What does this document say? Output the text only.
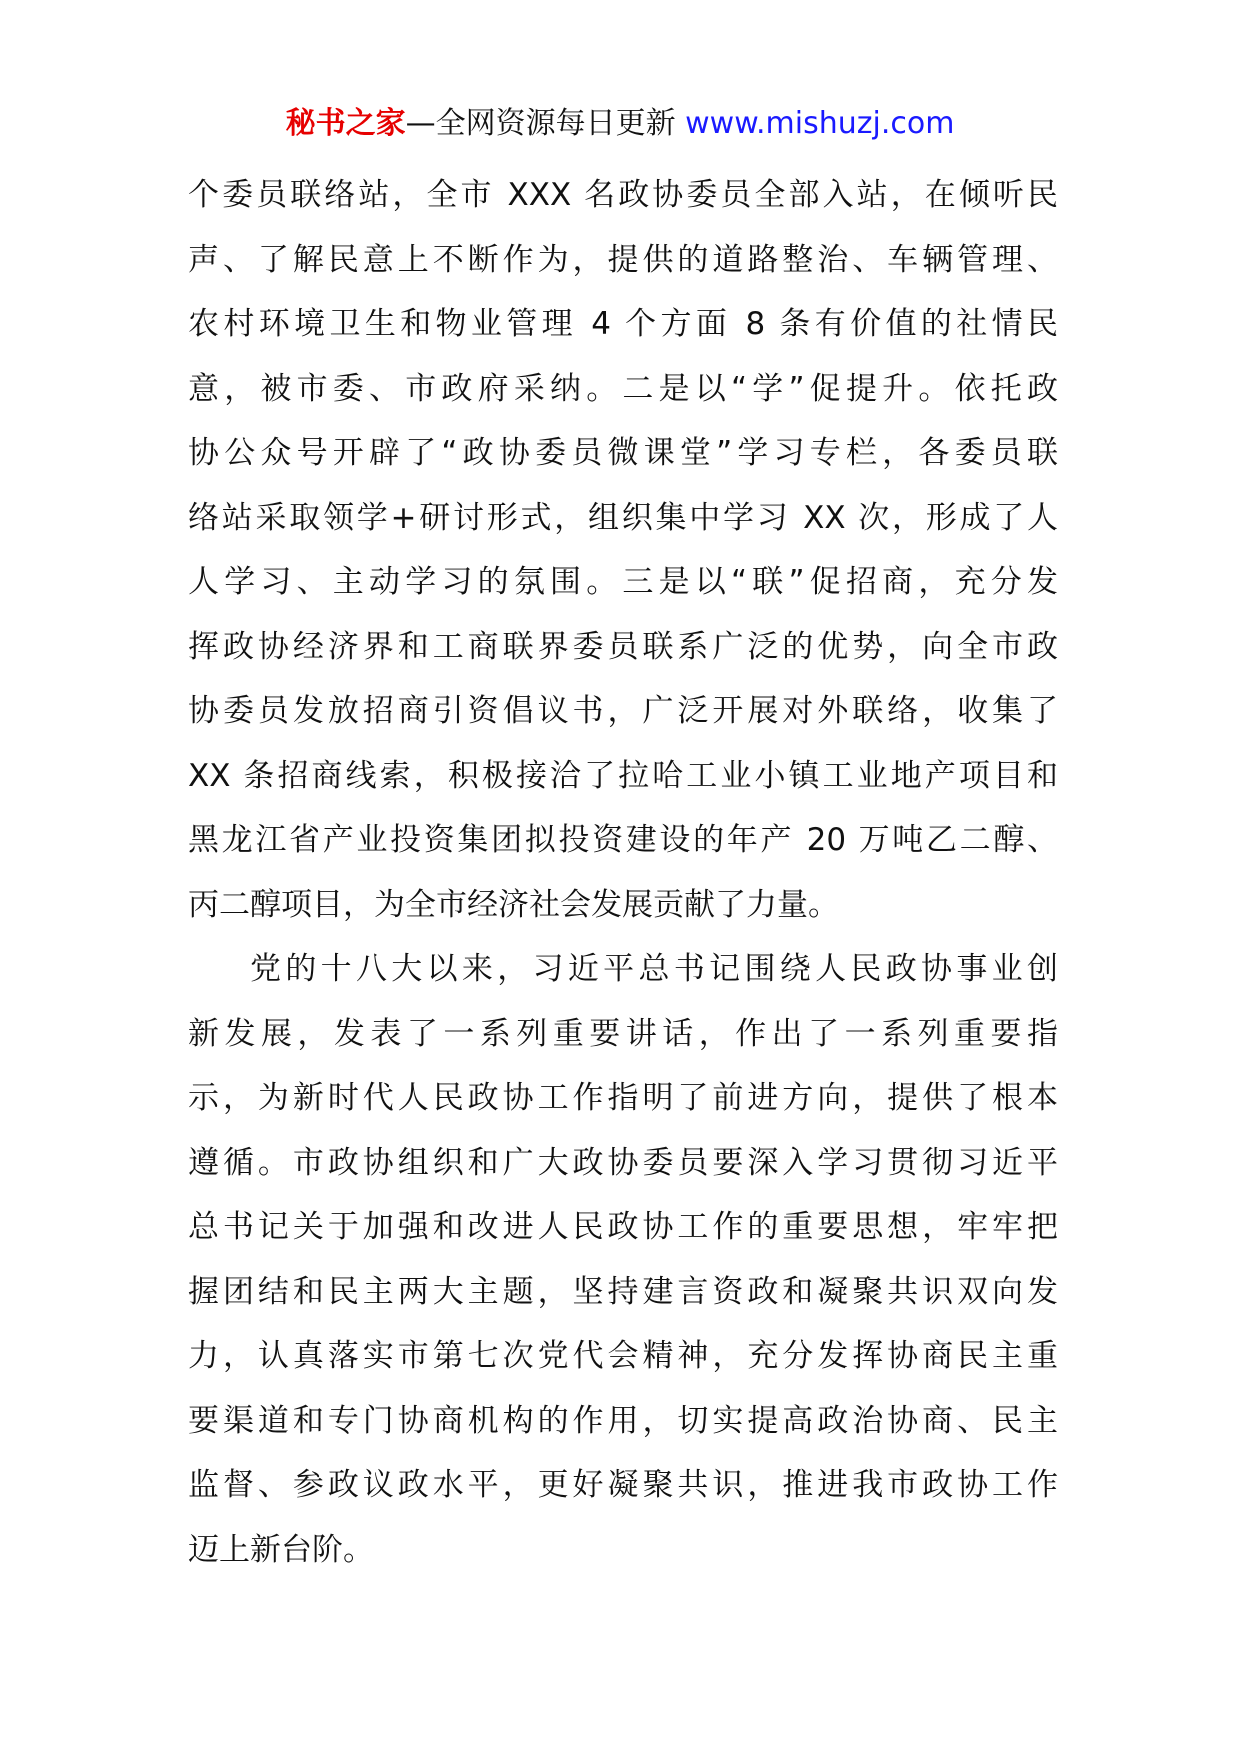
秘书之家—全网资源每日更新 www.mishuzj.com
个委员联络站，全市 XXX 名政协委员全部入站，在倾听民
声、了解民意上不断作为，提供的道路整治、车辆管理、
农村环境卫生和物业管理 4 个方面 8 条有价值的社情民
意，被市委、市政府采纳。二是以“学”促提升。依托政
协公众号开辟了“政协委员微课堂”学习专栏，各委员联
络站采取领学+研讨形式，组织集中学习 XX 次，形成了人
人学习、主动学习的氛围。三是以“联”促招商，充分发
挥政协经济界和工商联界委员联系广泛的优势，向全市政
协委员发放招商引资倡议书，广泛开展对外联络，收集了
XX 条招商线索，积极接洽了拉哈工业小镇工业地产项目和
黑龙江省产业投资集团拟投资建设的年产 20 万吨乙二醇、
丙二醇项目，为全市经济社会发展贡献了力量。
党的十八大以来，习近平总书记围绕人民政协事业创
新发展，发表了一系列重要讲话，作出了一系列重要指
示，为新时代人民政协工作指明了前进方向，提供了根本
遵循。市政协组织和广大政协委员要深入学习贯彻习近平
总书记关于加强和改进人民政协工作的重要思想，牢牢把
握团结和民主两大主题，坚持建言资政和凝聚共识双向发
力，认真落实市第七次党代会精神，充分发挥协商民主重
要渠道和专门协商机构的作用，切实提高政治协商、民主
监督、参政议政水平，更好凝聚共识，推进我市政协工作
迈上新台阶。
